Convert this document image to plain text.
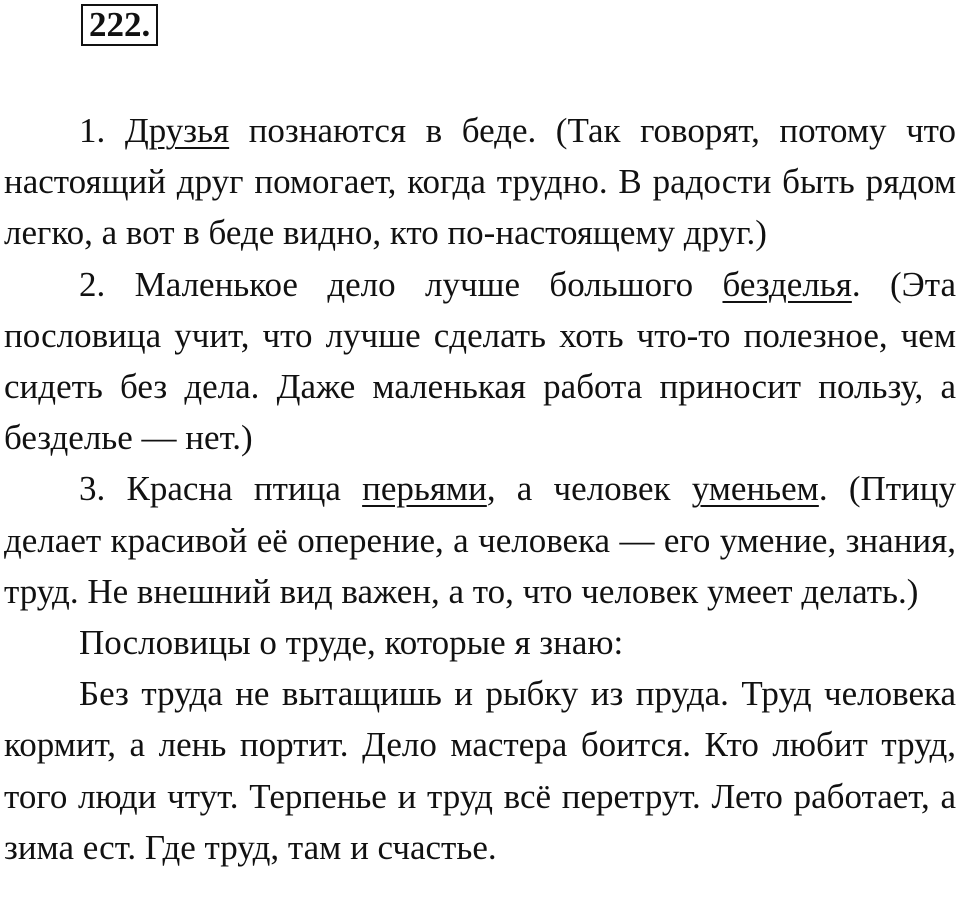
222.

1. Друзья познаются в беде. (Так говорят, потому что настоящий друг помогает, когда трудно. В радости быть рядом легко, а вот в беде видно, кто по-настоящему друг.)

2. Маленькое дело лучше большого безделья. (Эта пословица учит, что лучше сделать хоть что-то полезное, чем сидеть без дела. Даже маленькая работа приносит пользу, а безделье — нет.)

3. Красна птица перьями, а человек уменьем. (Птицу делает красивой её оперение, а человека — его умение, знания, труд. Не внешний вид важен, а то, что человек умеет делать.)

Пословицы о труде, которые я знаю:

Без труда не вытащишь и рыбку из пруда. Труд человека кормит, а лень портит. Дело мастера боится. Кто любит труд, того люди чтут. Терпенье и труд всё перетрут. Лето работает, а зима ест. Где труд, там и счастье.
